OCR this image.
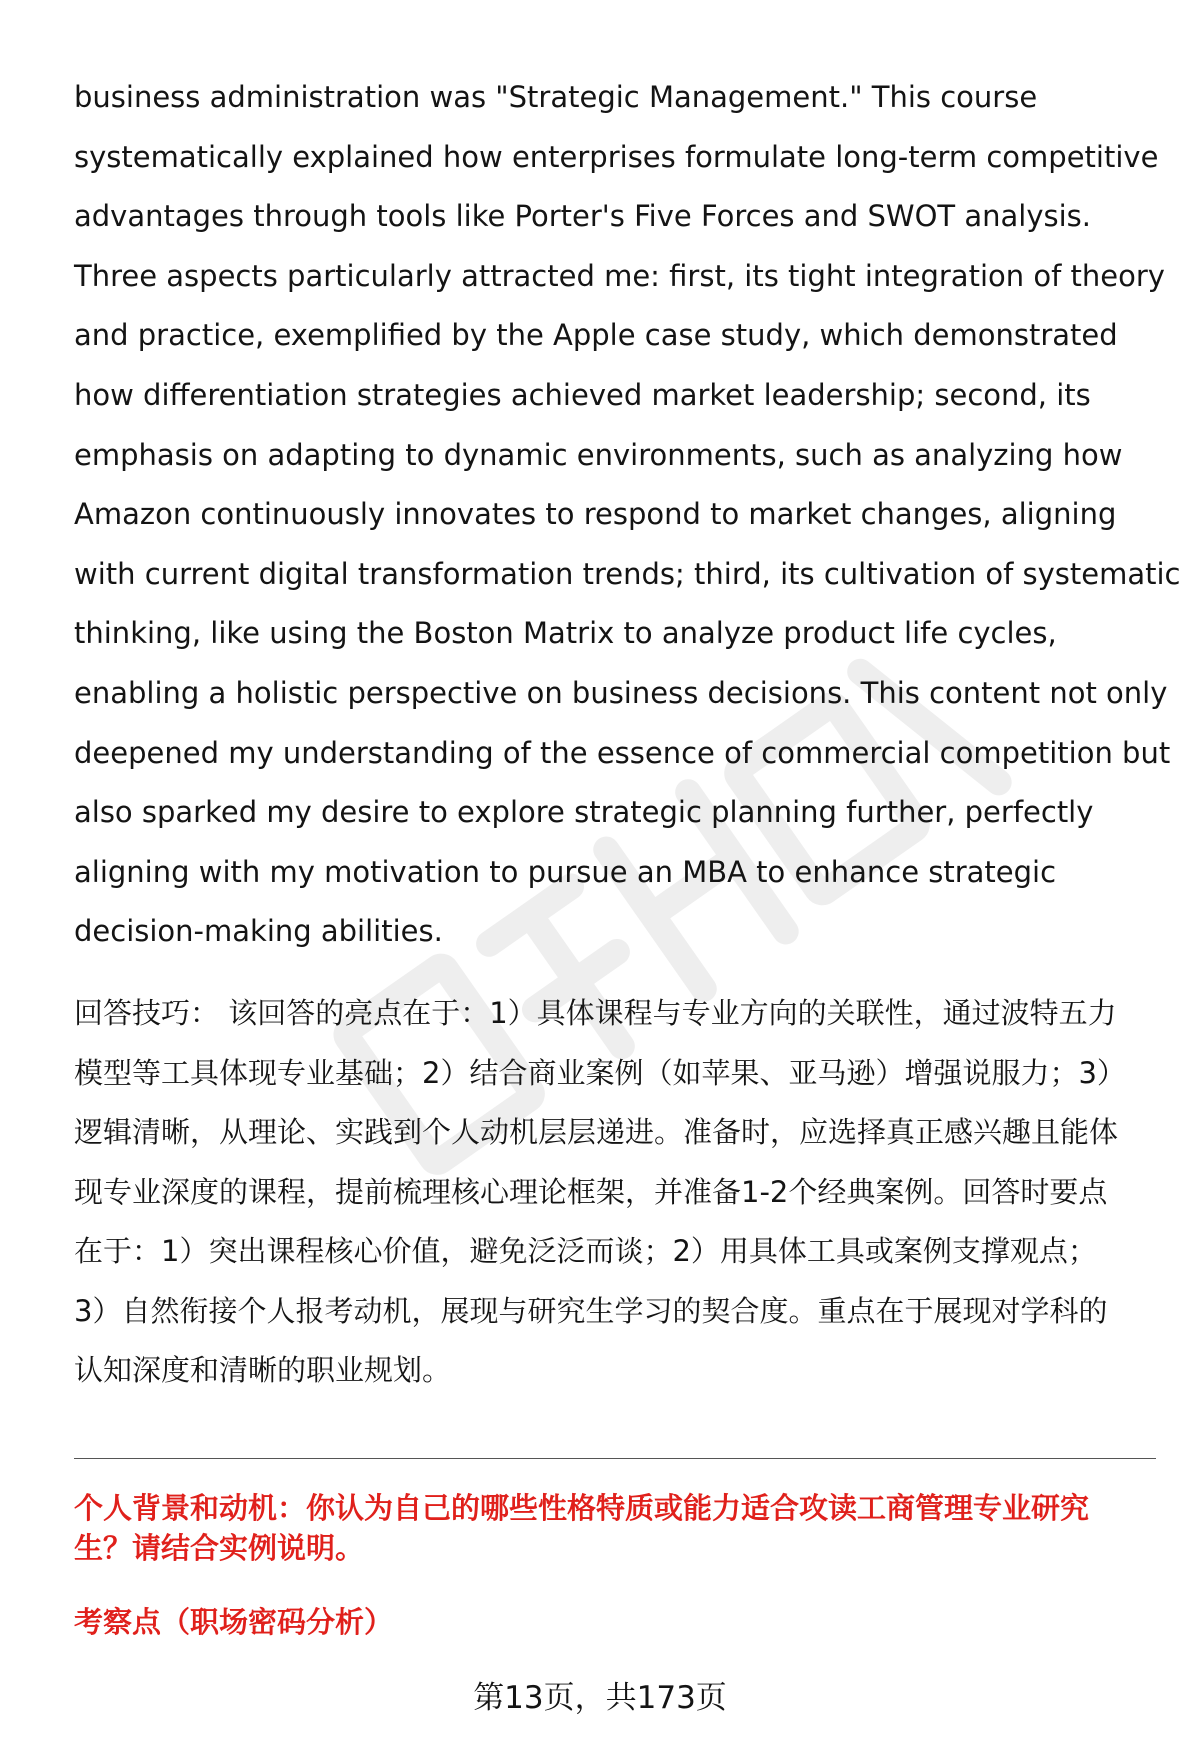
business administration was "Strategic Management." This course
systematically explained how enterprises formulate long-term competitive
advantages through tools like Porter's Five Forces and SWOT analysis.
Three aspects particularly attracted me: first, its tight integration of theory
and practice, exemplified by the Apple case study, which demonstrated
how differentiation strategies achieved market leadership; second, its
emphasis on adapting to dynamic environments, such as analyzing how
Amazon continuously innovates to respond to market changes, aligning
with current digital transformation trends; third, its cultivation of systematic
thinking, like using the Boston Matrix to analyze product life cycles,
enabling a holistic perspective on business decisions. This content not only
deepened my understanding of the essence of commercial competition but
also sparked my desire to explore strategic planning further, perfectly
aligning with my motivation to pursue an MBA to enhance strategic
decision-making abilities.
回答技巧： 该回答的亮点在于：1）具体课程与专业方向的关联性，通过波特五力
模型等工具体现专业基础；2）结合商业案例（如苹果、亚马逊）增强说服力；3）
逻辑清晰，从理论、实践到个人动机层层递进。准备时，应选择真正感兴趣且能体
现专业深度的课程，提前梳理核心理论框架，并准备1-2个经典案例。回答时要点
在于：1）突出课程核心价值，避免泛泛而谈；2）用具体工具或案例支撑观点；
3）自然衔接个人报考动机，展现与研究生学习的契合度。重点在于展现对学科的
认知深度和清晰的职业规划。
个人背景和动机：你认为自己的哪些性格特质或能力适合攻读工商管理专业研究
生？请结合实例说明。
考察点（职场密码分析）
第13页，共173页
